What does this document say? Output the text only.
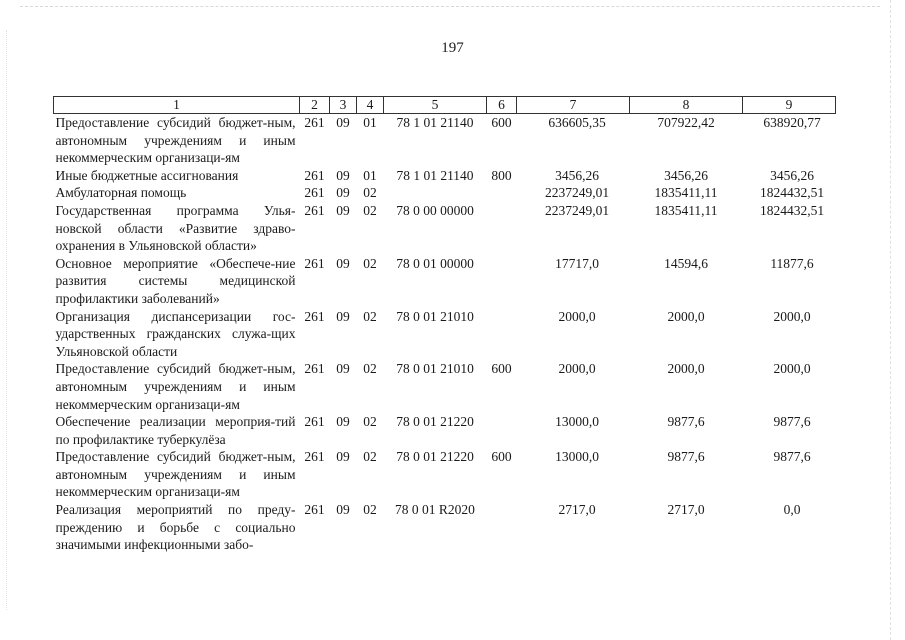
197
1	2	3	4	5	6	7	8	9
Предоставление субсидий бюджет-ным, автономным учреждениям и иным некоммерческим организаци-ям	261	09	01	78 1 01 21140	600	636605,35	707922,42	638920,77
Иные бюджетные ассигнования	261	09	01	78 1 01 21140	800	3456,26	3456,26	3456,26
Амбулаторная помощь	261	09	02			2237249,01	1835411,11	1824432,51
Государственная программа Улья-новской области «Развитие здраво-охранения в Ульяновской области»	261	09	02	78 0 00 00000		2237249,01	1835411,11	1824432,51
Основное мероприятие «Обеспече-ние развития системы медицинской профилактики заболеваний»	261	09	02	78 0 01 00000		17717,0	14594,6	11877,6
Организация диспансеризации гос-ударственных гражданских служа-щих Ульяновской области	261	09	02	78 0 01 21010		2000,0	2000,0	2000,0
Предоставление субсидий бюджет-ным, автономным учреждениям и иным некоммерческим организаци-ям	261	09	02	78 0 01 21010	600	2000,0	2000,0	2000,0
Обеспечение реализации мероприя-тий по профилактике туберкулёза	261	09	02	78 0 01 21220		13000,0	9877,6	9877,6
Предоставление субсидий бюджет-ным, автономным учреждениям и иным некоммерческим организаци-ям	261	09	02	78 0 01 21220	600	13000,0	9877,6	9877,6
Реализация мероприятий по преду-преждению и борьбе с социально значимыми инфекционными забо-	261	09	02	78 0 01 R2020		2717,0	2717,0	0,0
